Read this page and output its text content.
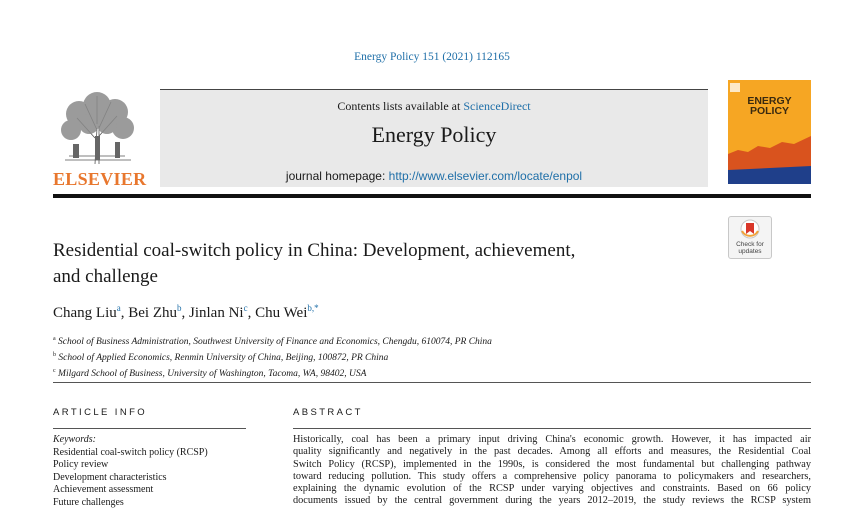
Energy Policy 151 (2021) 112165
ELSEVIER
Contents lists available at ScienceDirect
Energy Policy
journal homepage: http://www.elsevier.com/locate/enpol
ENERGY
POLICY
Check for
updates
Residential coal-switch policy in China: Development, achievement,
and challenge
Chang Liu$^a$, Bei Zhu$^b$, Jinlan Ni$^c$, Chu Wei$^{b,*}$
$^a$ School of Business Administration, Southwest University of Finance and Economics, Chengdu, 610074, PR China
$^b$ School of Applied Economics, Renmin University of China, Beijing, 100872, PR China
$^c$ Milgard School of Business, University of Washington, Tacoma, WA, 98402, USA
ARTICLE INFO	ABSTRACT
Keywords:
Residential coal-switch policy (RCSP)
Policy review
Development characteristics
Achievement assessment
Future challenges
Historically, coal has been a primary input driving China's economic growth. However, it has impacted air
quality significantly and negatively in the past decades. Among all efforts and measures, the Residential Coal
Switch Policy (RCSP), implemented in the 1990s, is considered the most fundamental but challenging pathway
toward reducing pollution. This study offers a comprehensive policy panorama to policymakers and researchers,
explaining the dynamic evolution of the RCSP under varying objectives and constraints. Based on 66 policy
documents issued by the central government during the years 2012–2019, the study reviews the RCSP system
